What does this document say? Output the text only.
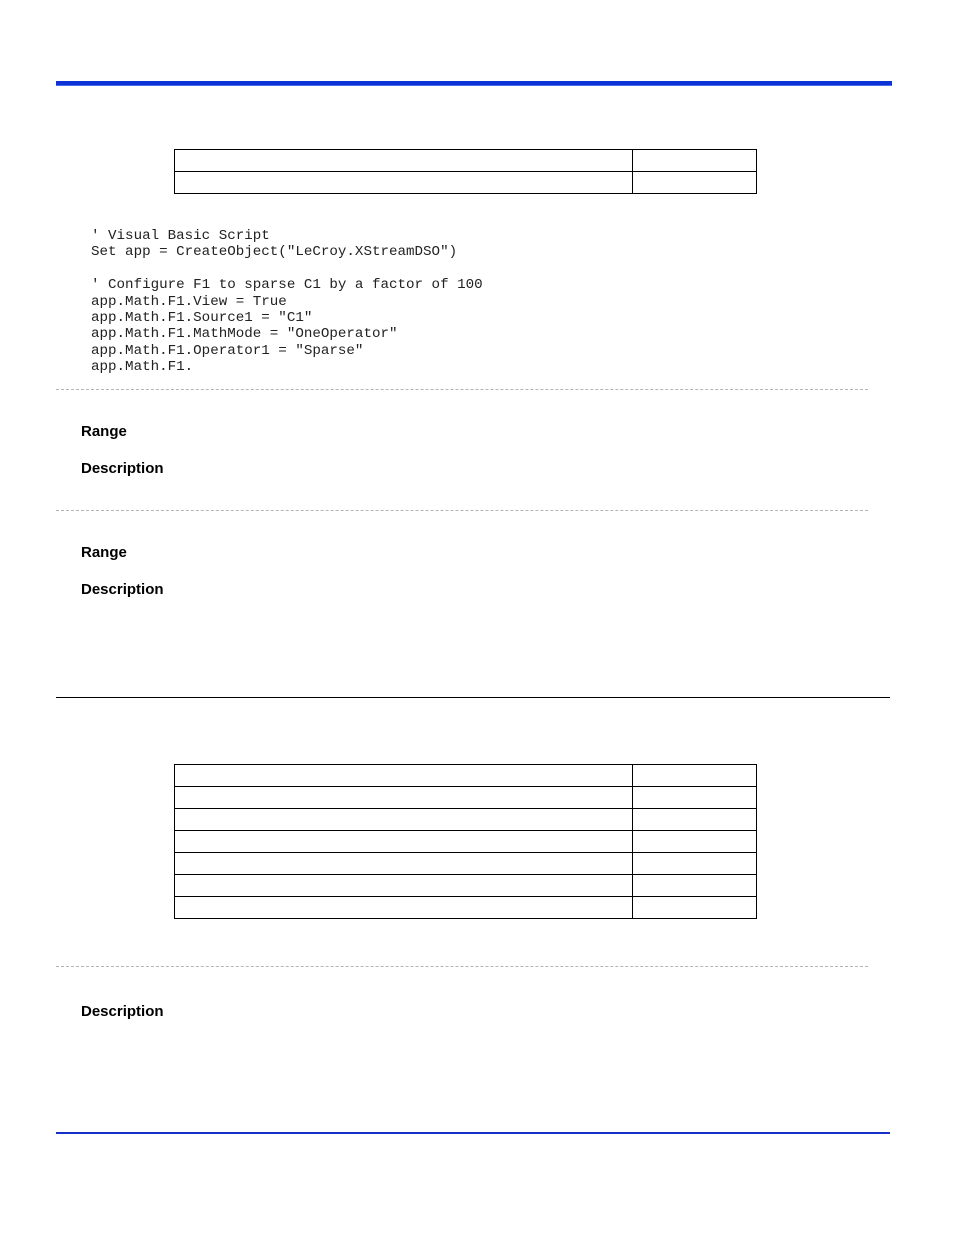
' Visual Basic Script
Set app = CreateObject("LeCroy.XStreamDSO")

' Configure F1 to sparse C1 by a factor of 100
app.Math.F1.View = True
app.Math.F1.Source1 = "C1"
app.Math.F1.MathMode = "OneOperator"
app.Math.F1.Operator1 = "Sparse"
app.Math.F1.
Range
Description
Range
Description

Description
